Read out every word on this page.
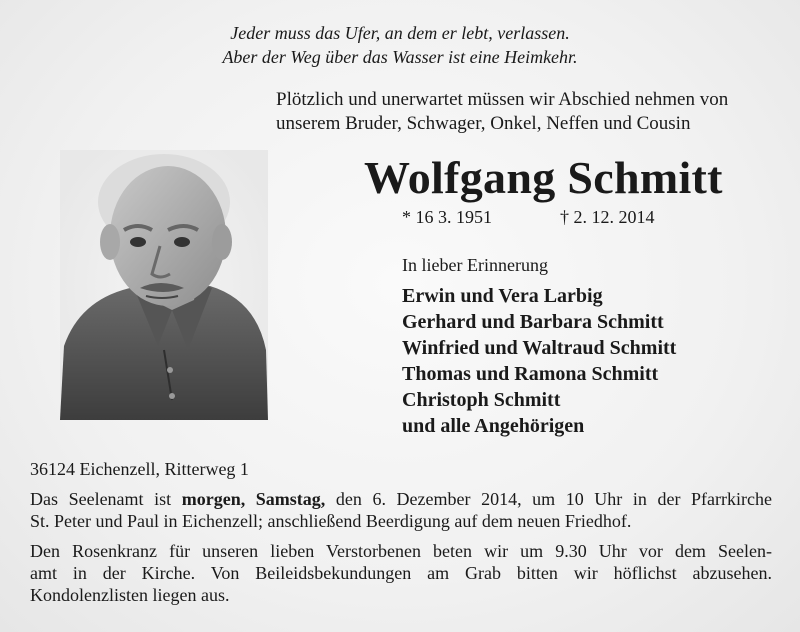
Jeder muss das Ufer, an dem er lebt, verlassen.
Aber der Weg über das Wasser ist eine Heimkehr.
Plötzlich und unerwartet müssen wir Abschied nehmen von
unserem Bruder, Schwager, Onkel, Neffen und Cousin
Wolfgang Schmitt
* 16 3. 1951	† 2. 12. 2014
In lieber Erinnerung
Erwin und Vera Larbig
Gerhard und Barbara Schmitt
Winfried und Waltraud Schmitt
Thomas und Ramona Schmitt
Christoph Schmitt
und alle Angehörigen
36124 Eichenzell, Ritterweg 1
Das Seelenamt ist morgen, Samstag, den 6. Dezember 2014, um 10 Uhr in der Pfarrkirche
St. Peter und Paul in Eichenzell; anschließend Beerdigung auf dem neuen Friedhof.
Den Rosenkranz für unseren lieben Verstorbenen beten wir um 9.30 Uhr vor dem Seelen-
amt in der Kirche. Von Beileidsbekundungen am Grab bitten wir höflichst abzusehen.
Kondolenzlisten liegen aus.
